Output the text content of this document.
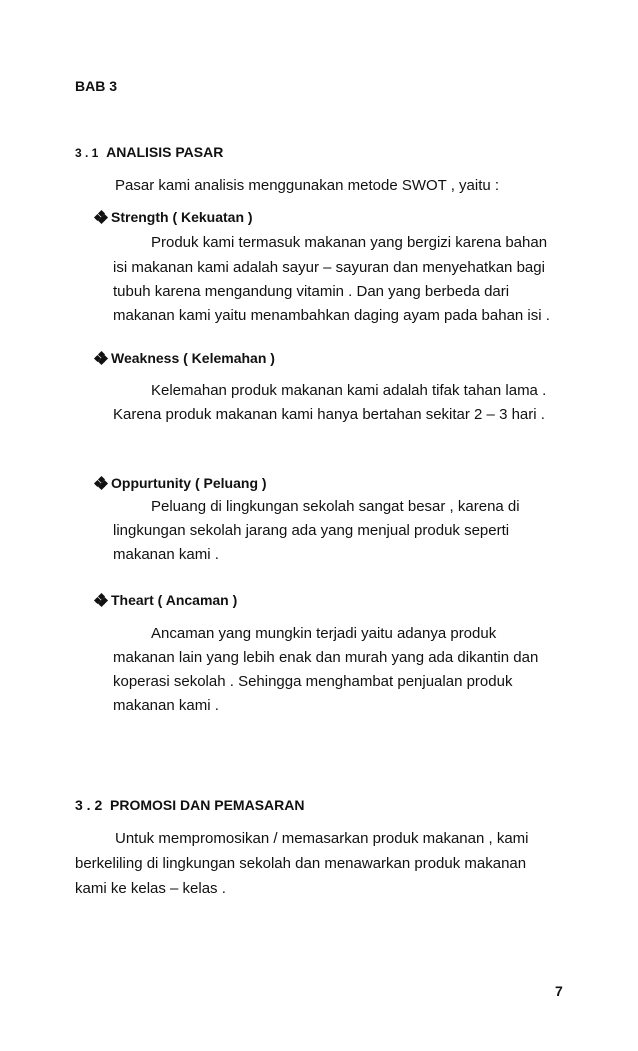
BAB 3

3 . 1 ANALISIS PASAR

Pasar kami analisis menggunakan metode SWOT , yaitu :

Strength ( Kekuatan )

Produk kami termasuk makanan yang bergizi karena bahan

isi makanan kami adalah sayur – sayuran dan menyehatkan bagi

tubuh karena mengandung vitamin . Dan yang berbeda dari

makanan kami yaitu menambahkan daging ayam pada bahan isi .

Weakness ( Kelemahan )

Kelemahan produk makanan kami adalah tifak tahan lama .

Karena produk makanan kami hanya bertahan sekitar 2 – 3 hari .

Oppurtunity ( Peluang )

Peluang di lingkungan sekolah sangat besar , karena di

lingkungan sekolah jarang ada yang menjual produk seperti

makanan kami .

Theart ( Ancaman )

Ancaman yang mungkin terjadi yaitu adanya produk

makanan lain yang lebih enak dan murah yang ada dikantin dan

koperasi sekolah . Sehingga menghambat penjualan produk

makanan kami .

3 . 2 PROMOSI DAN PEMASARAN

Untuk mempromosikan / memasarkan produk makanan , kami

berkeliling di lingkungan sekolah dan menawarkan produk makanan

kami ke kelas – kelas .

7
